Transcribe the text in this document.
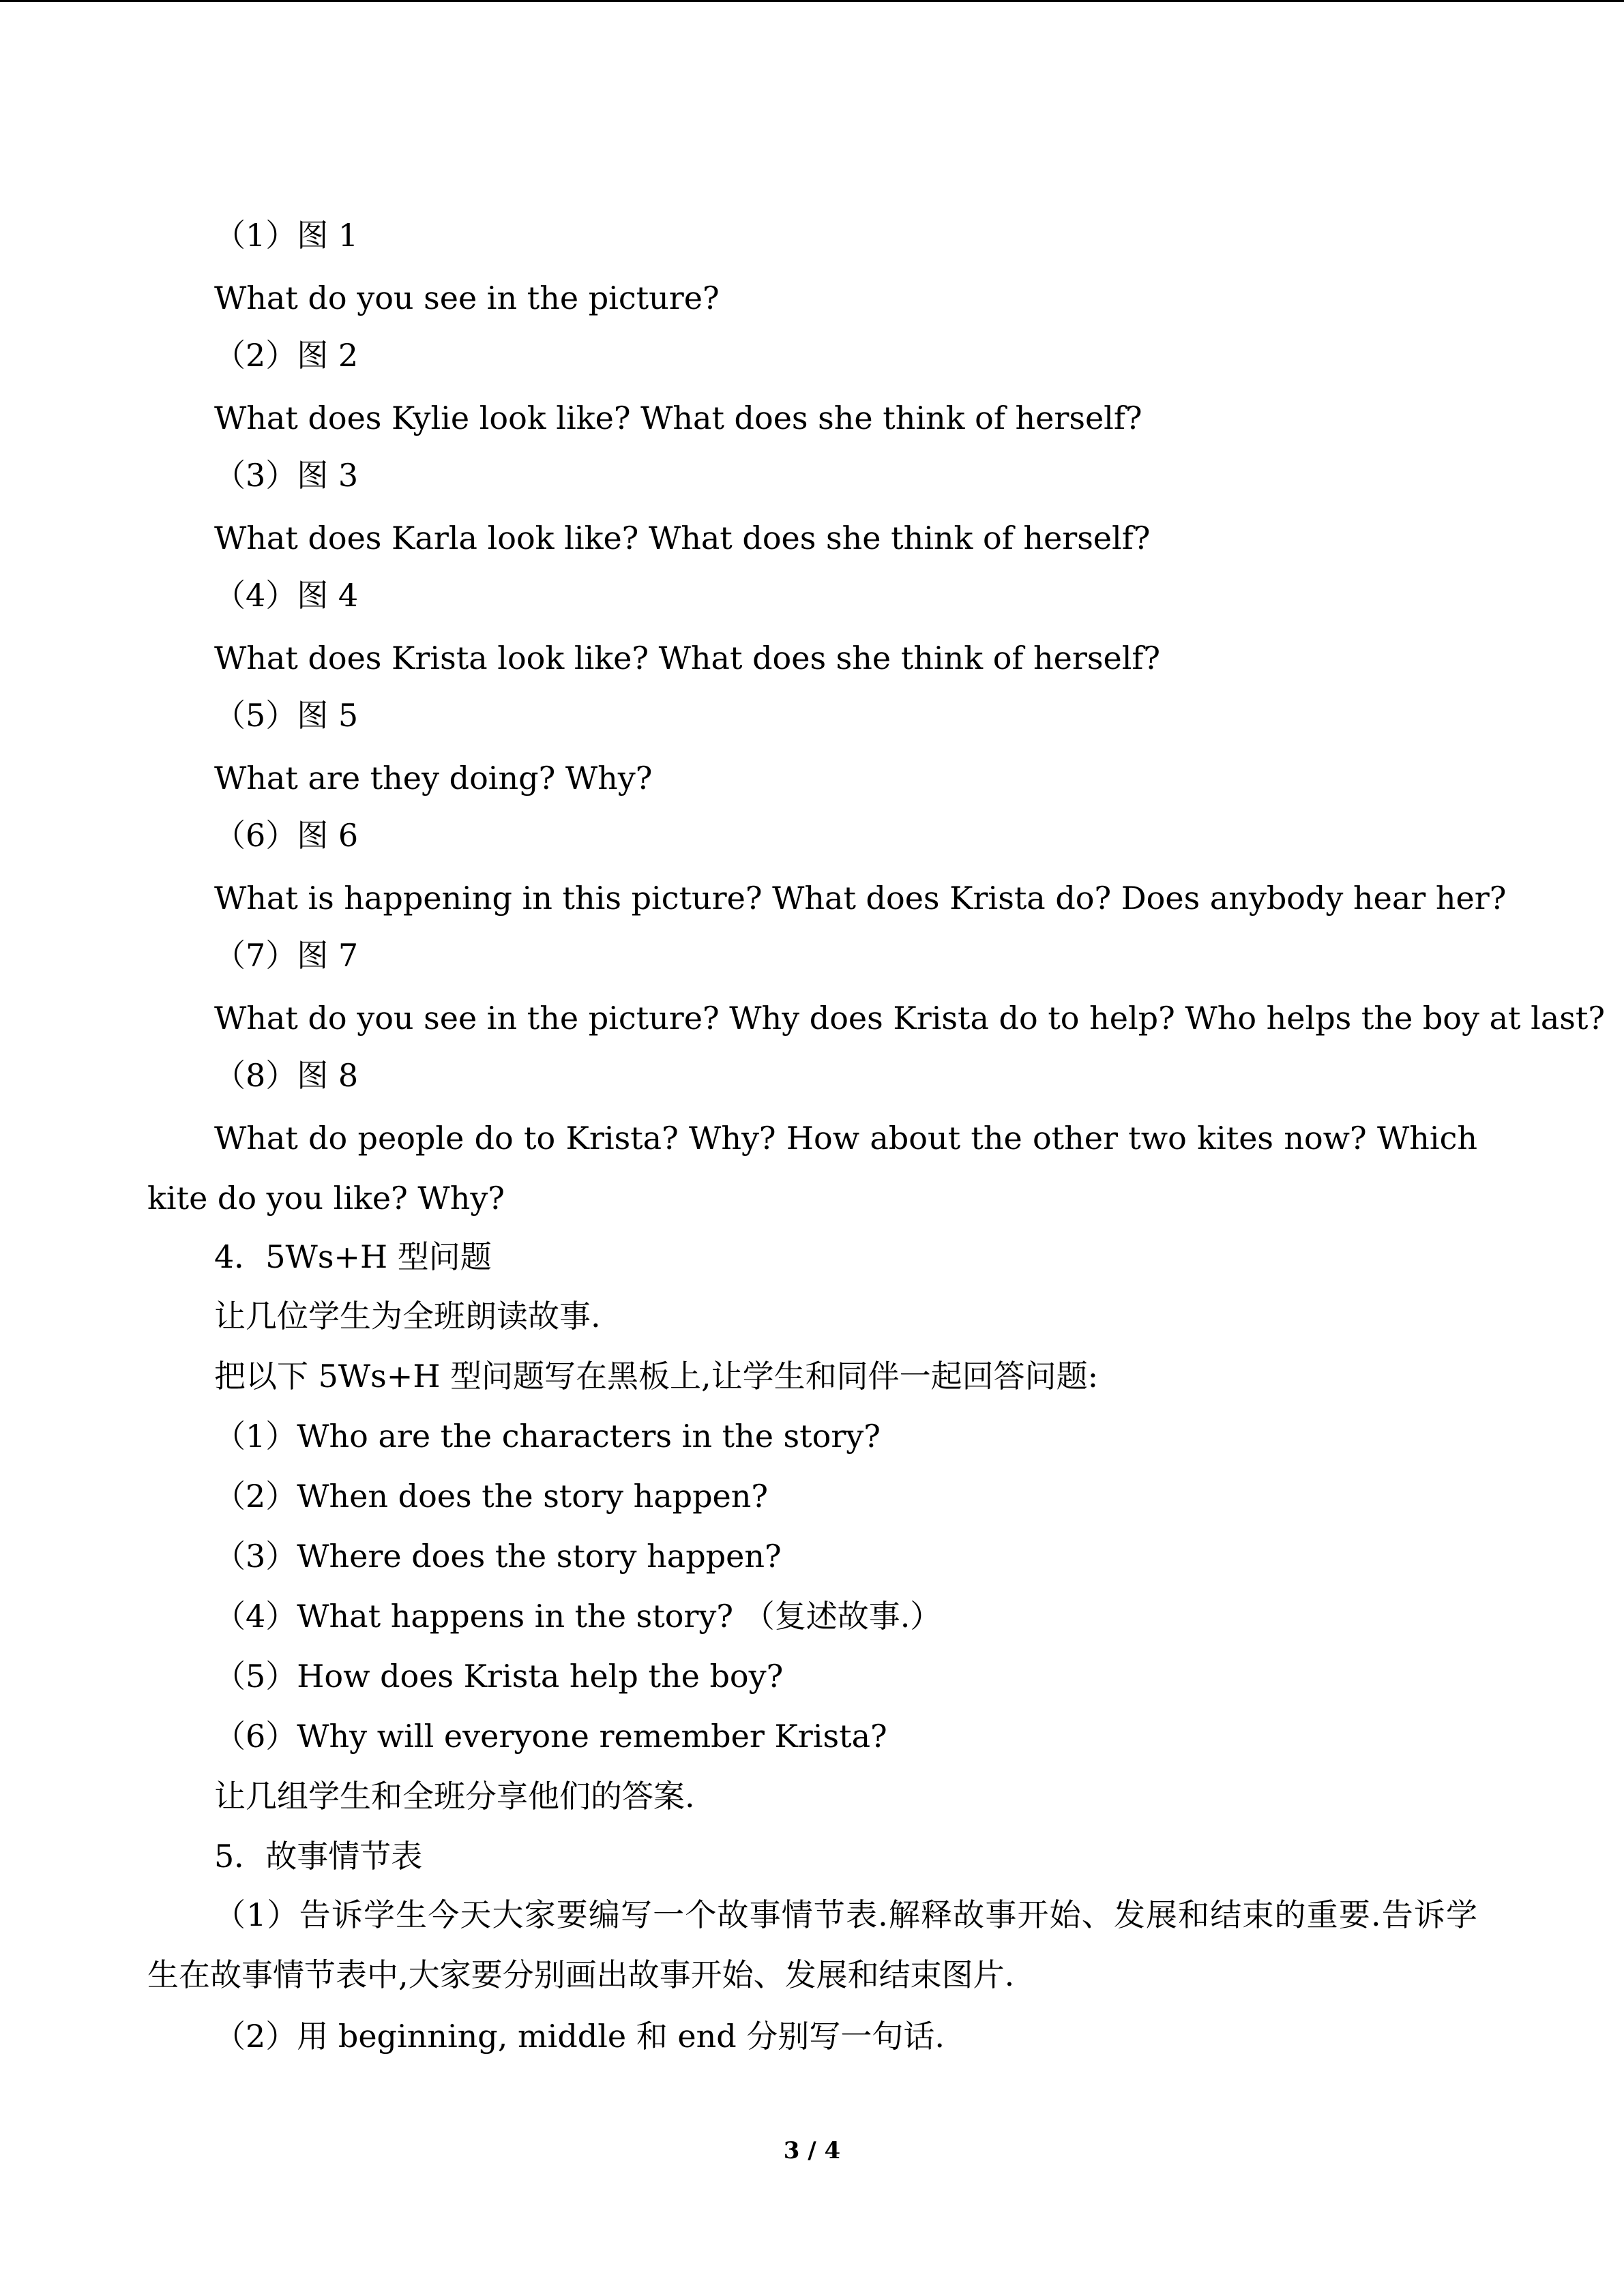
（1）图 1
What do you see in the picture?
（2）图 2
What does Kylie look like? What does she think of herself?
（3）图 3
What does Karla look like? What does she think of herself?
（4）图 4
What does Krista look like? What does she think of herself?
（5）图 5
What are they doing? Why?
（6）图 6
What is happening in this picture? What does Krista do? Does anybody hear her?
（7）图 7
What do you see in the picture? Why does Krista do to help? Who helps the boy at last?
（8）图 8

What do people do to Krista? Why? How about the other two kites now? Which kite do you like? Why?

4．5Ws+H 型问题
让几位学生为全班朗读故事.
把以下 5Ws+H 型问题写在黑板上,让学生和同伴一起回答问题:
（1）Who are the characters in the story?
（2）When does the story happen?
（3）Where does the story happen?
（4）What happens in the story? （复述故事.）
（5）How does Krista help the boy?
（6）Why will everyone remember Krista?
让几组学生和全班分享他们的答案.
5．故事情节表

（1）告诉学生今天大家要编写一个故事情节表.解释故事开始、发展和结束的重要.告诉学生在故事情节表中,大家要分别画出故事开始、发展和结束图片.

（2）用 beginning, middle 和 end 分别写一句话.
3 / 4
